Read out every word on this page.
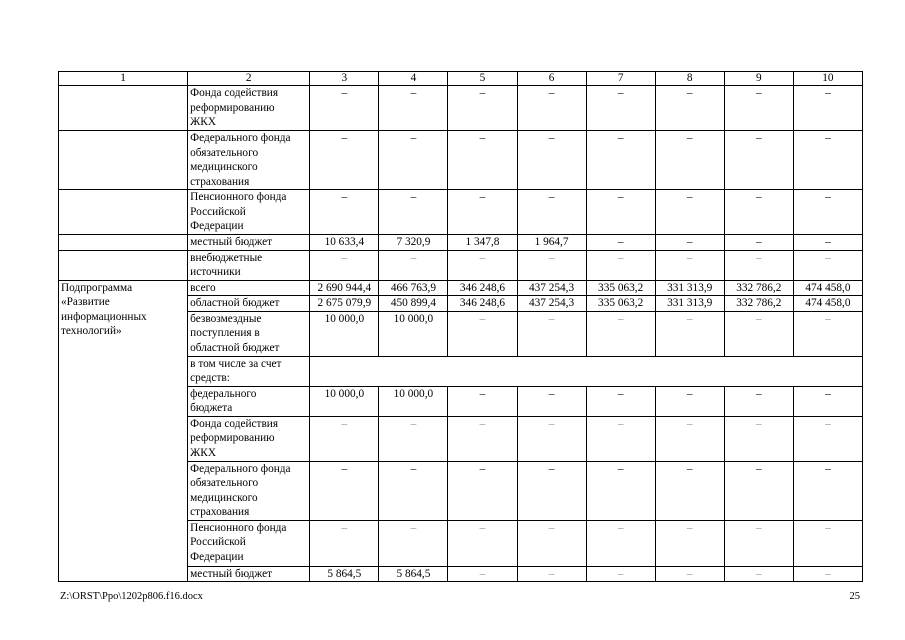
1	2	3	4	5	6	7	8	9	10

	Фонда содействия
реформированию
ЖКХ	–	–	–	–	–	–	–	–

	Федерального фонда
обязательного
медицинского
страхования	–	–	–	–	–	–	–	–

	Пенсионного фонда
Российской
Федерации	–	–	–	–	–	–	–	–

	местный бюджет	10 633,4	7 320,9	1 347,8	1 964,7	–	–	–	–

	внебюджетные
источники	–	–	–	–	–	–	–	–

Подпрограмма
«Развитие
информационных
технологий»	всего	2 690 944,4	466 763,9	346 248,6	437 254,3	335 063,2	331 313,9	332 786,2	474 458,0

	областной бюджет	2 675 079,9	450 899,4	346 248,6	437 254,3	335 063,2	331 313,9	332 786,2	474 458,0

	безвозмездные
поступления в
областной бюджет	10 000,0	10 000,0	–	–	–	–	–	–

	в том числе за счет
средств:								

	федерального
бюджета	10 000,0	10 000,0	–	–	–	–	–	–

	Фонда содействия
реформированию
ЖКХ	–	–	–	–	–	–	–	–

	Федерального фонда
обязательного
медицинского
страхования	–	–	–	–	–	–	–	–

	Пенсионного фонда
Российской
Федерации	–	–	–	–	–	–	–	–

	местный бюджет	5 864,5	5 864,5	–	–	–	–	–	–
Z:\ORST\Ppo\1202p806.f16.docx	25
